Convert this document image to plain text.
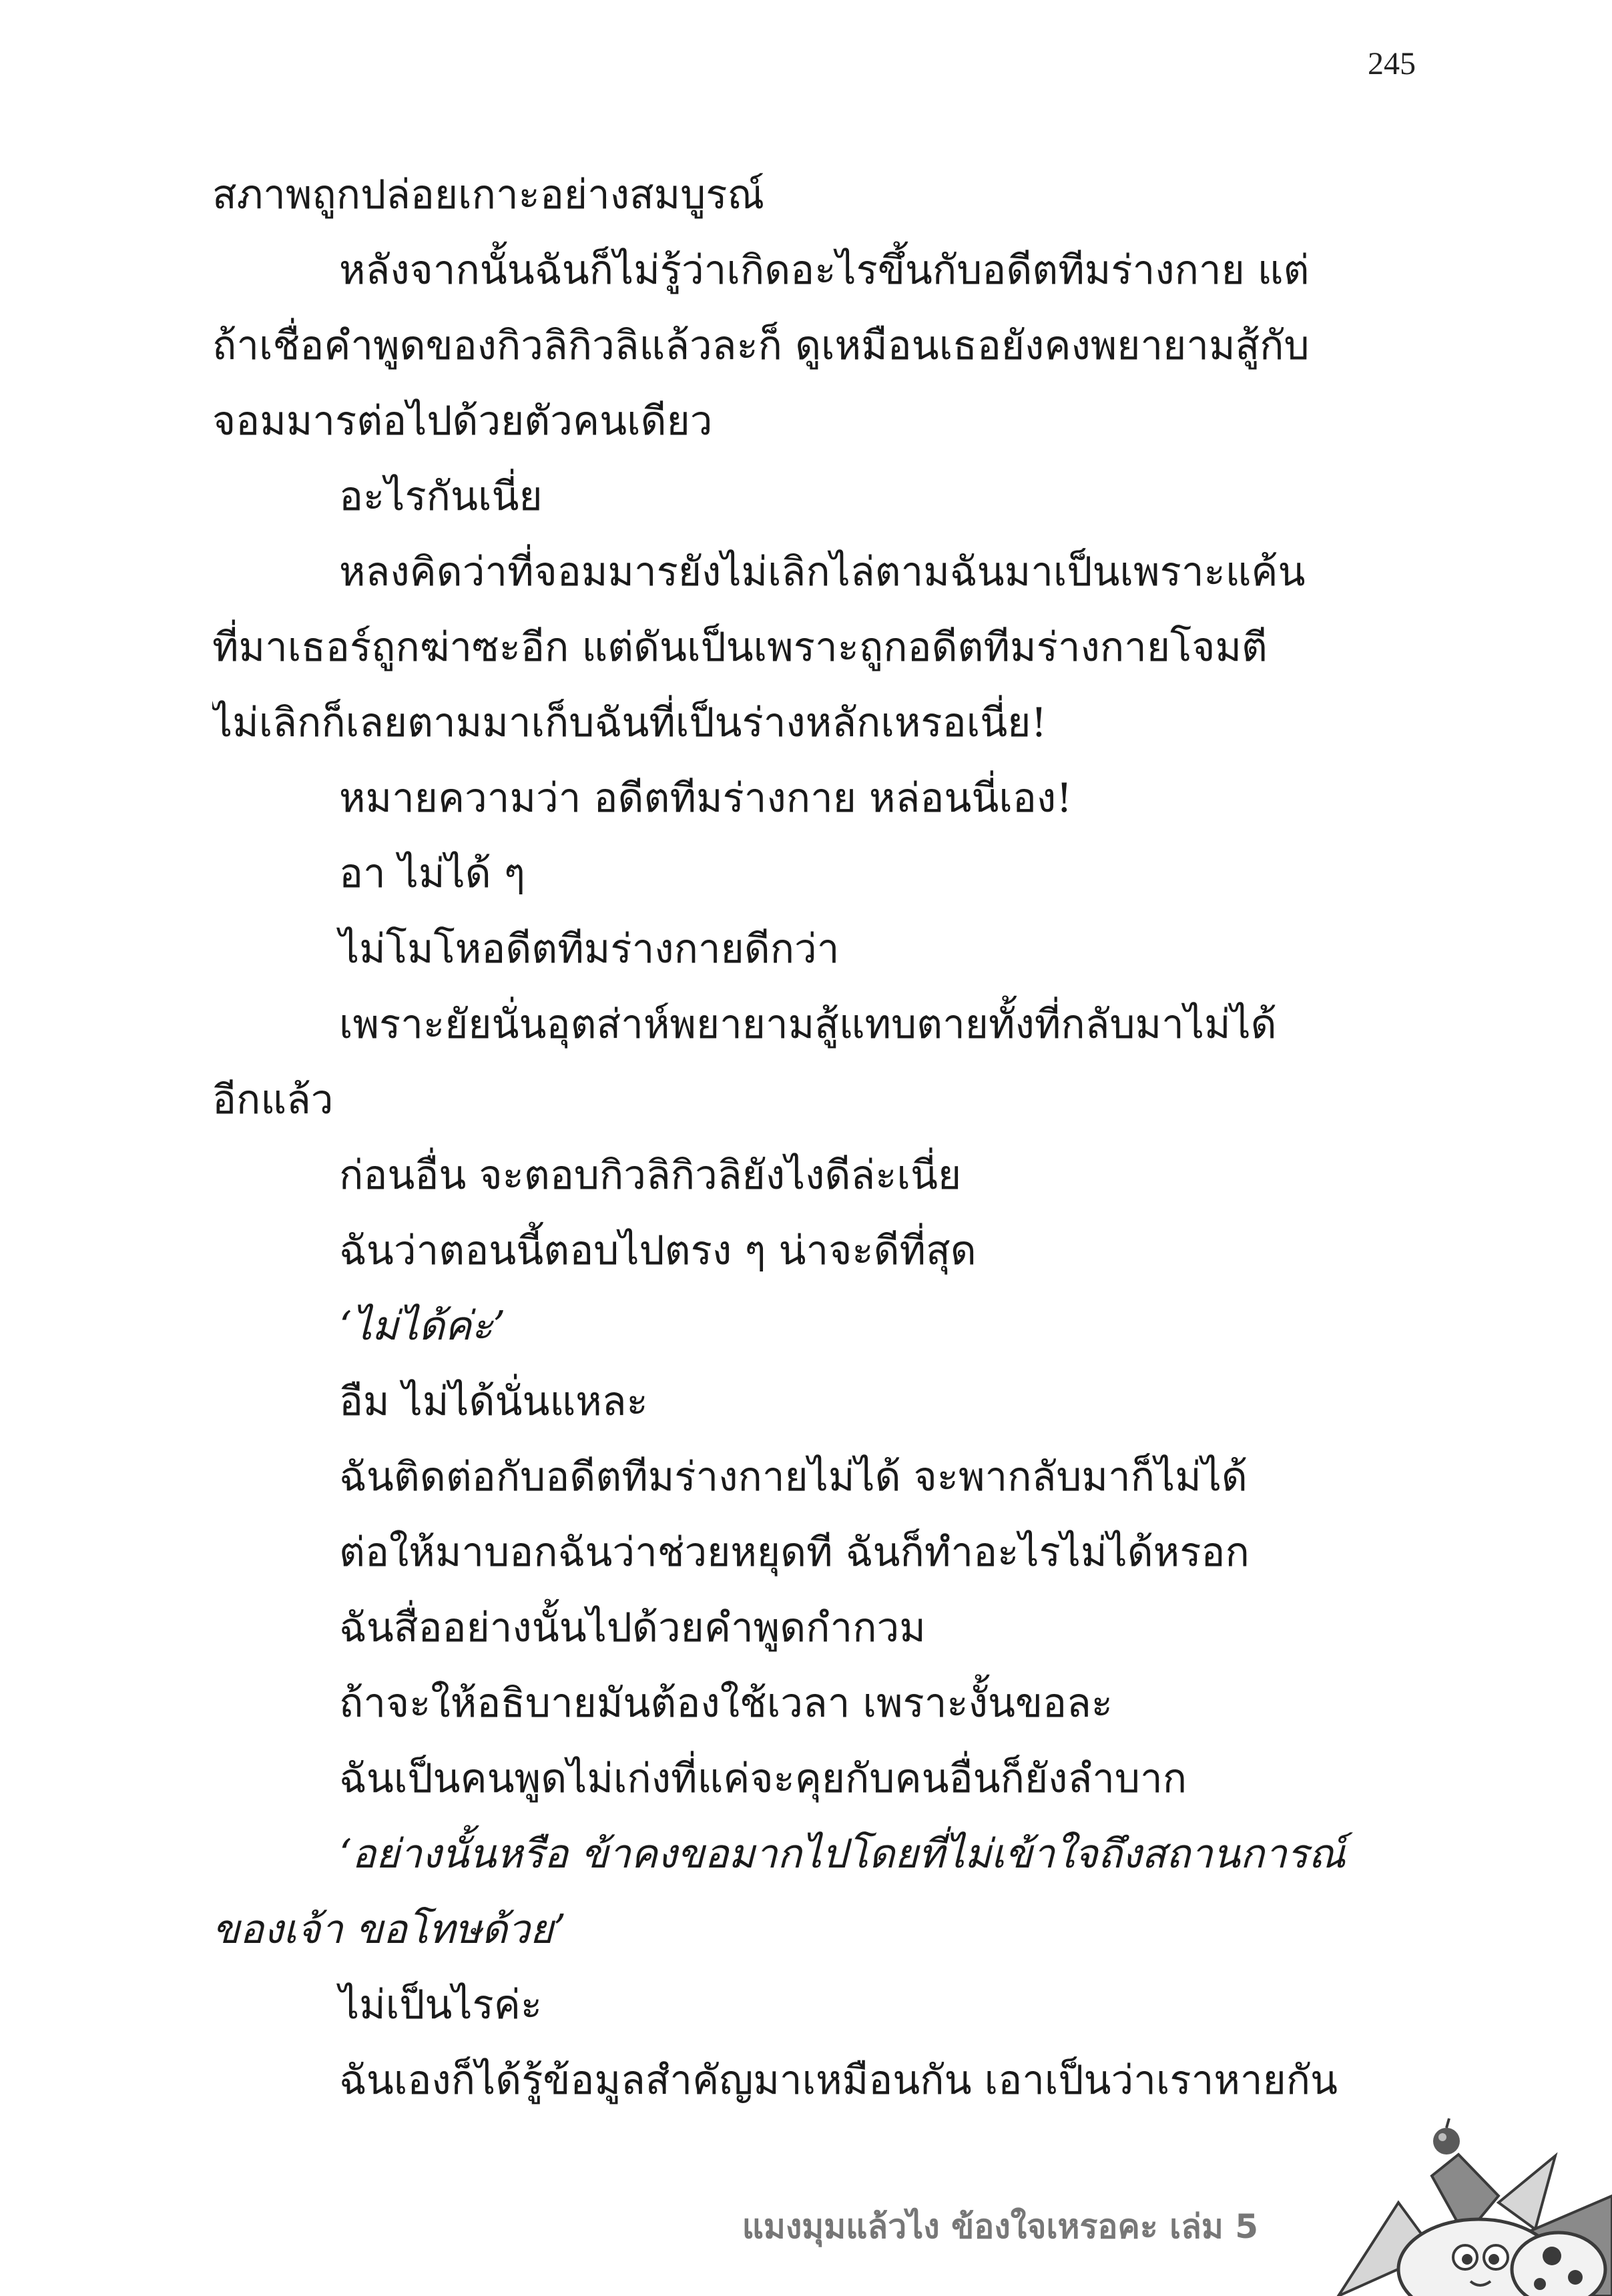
245
สภาพถูกปล่อยเกาะอย่างสมบูรณ์
หลังจากนั้นฉันก็ไม่รู้ว่าเกิดอะไรขึ้นกับอดีตทีมร่างกาย แต่
ถ้าเชื่อคำพูดของกิวลิกิวลิแล้วละก็ ดูเหมือนเธอยังคงพยายามสู้กับ
จอมมารต่อไปด้วยตัวคนเดียว
อะไรกันเนี่ย
หลงคิดว่าที่จอมมารยังไม่เลิกไล่ตามฉันมาเป็นเพราะแค้น
ที่มาเธอร์ถูกฆ่าซะอีก แต่ดันเป็นเพราะถูกอดีตทีมร่างกายโจมตี
ไม่เลิกก็เลยตามมาเก็บฉันที่เป็นร่างหลักเหรอเนี่ย!
หมายความว่า อดีตทีมร่างกาย หล่อนนี่เอง!
อา ไม่ได้ ๆ
ไม่โมโหอดีตทีมร่างกายดีกว่า
เพราะยัยนั่นอุตส่าห์พยายามสู้แทบตายทั้งที่กลับมาไม่ได้
อีกแล้ว
ก่อนอื่น จะตอบกิวลิกิวลิยังไงดีล่ะเนี่ย
ฉันว่าตอนนี้ตอบไปตรง ๆ น่าจะดีที่สุด
‘ไม่ได้ค่ะ’
อืม ไม่ได้นั่นแหละ
ฉันติดต่อกับอดีตทีมร่างกายไม่ได้ จะพากลับมาก็ไม่ได้
ต่อให้มาบอกฉันว่าช่วยหยุดที ฉันก็ทำอะไรไม่ได้หรอก
ฉันสื่ออย่างนั้นไปด้วยคำพูดกำกวม
ถ้าจะให้อธิบายมันต้องใช้เวลา เพราะงั้นขอละ
ฉันเป็นคนพูดไม่เก่งที่แค่จะคุยกับคนอื่นก็ยังลำบาก
‘อย่างนั้นหรือ ข้าคงขอมากไปโดยที่ไม่เข้าใจถึงสถานการณ์
ของเจ้า ขอโทษด้วย’
ไม่เป็นไรค่ะ
ฉันเองก็ได้รู้ข้อมูลสำคัญมาเหมือนกัน เอาเป็นว่าเราหายกัน
แมงมุมแล้วไง ข้องใจเหรอคะ เล่ม 5
